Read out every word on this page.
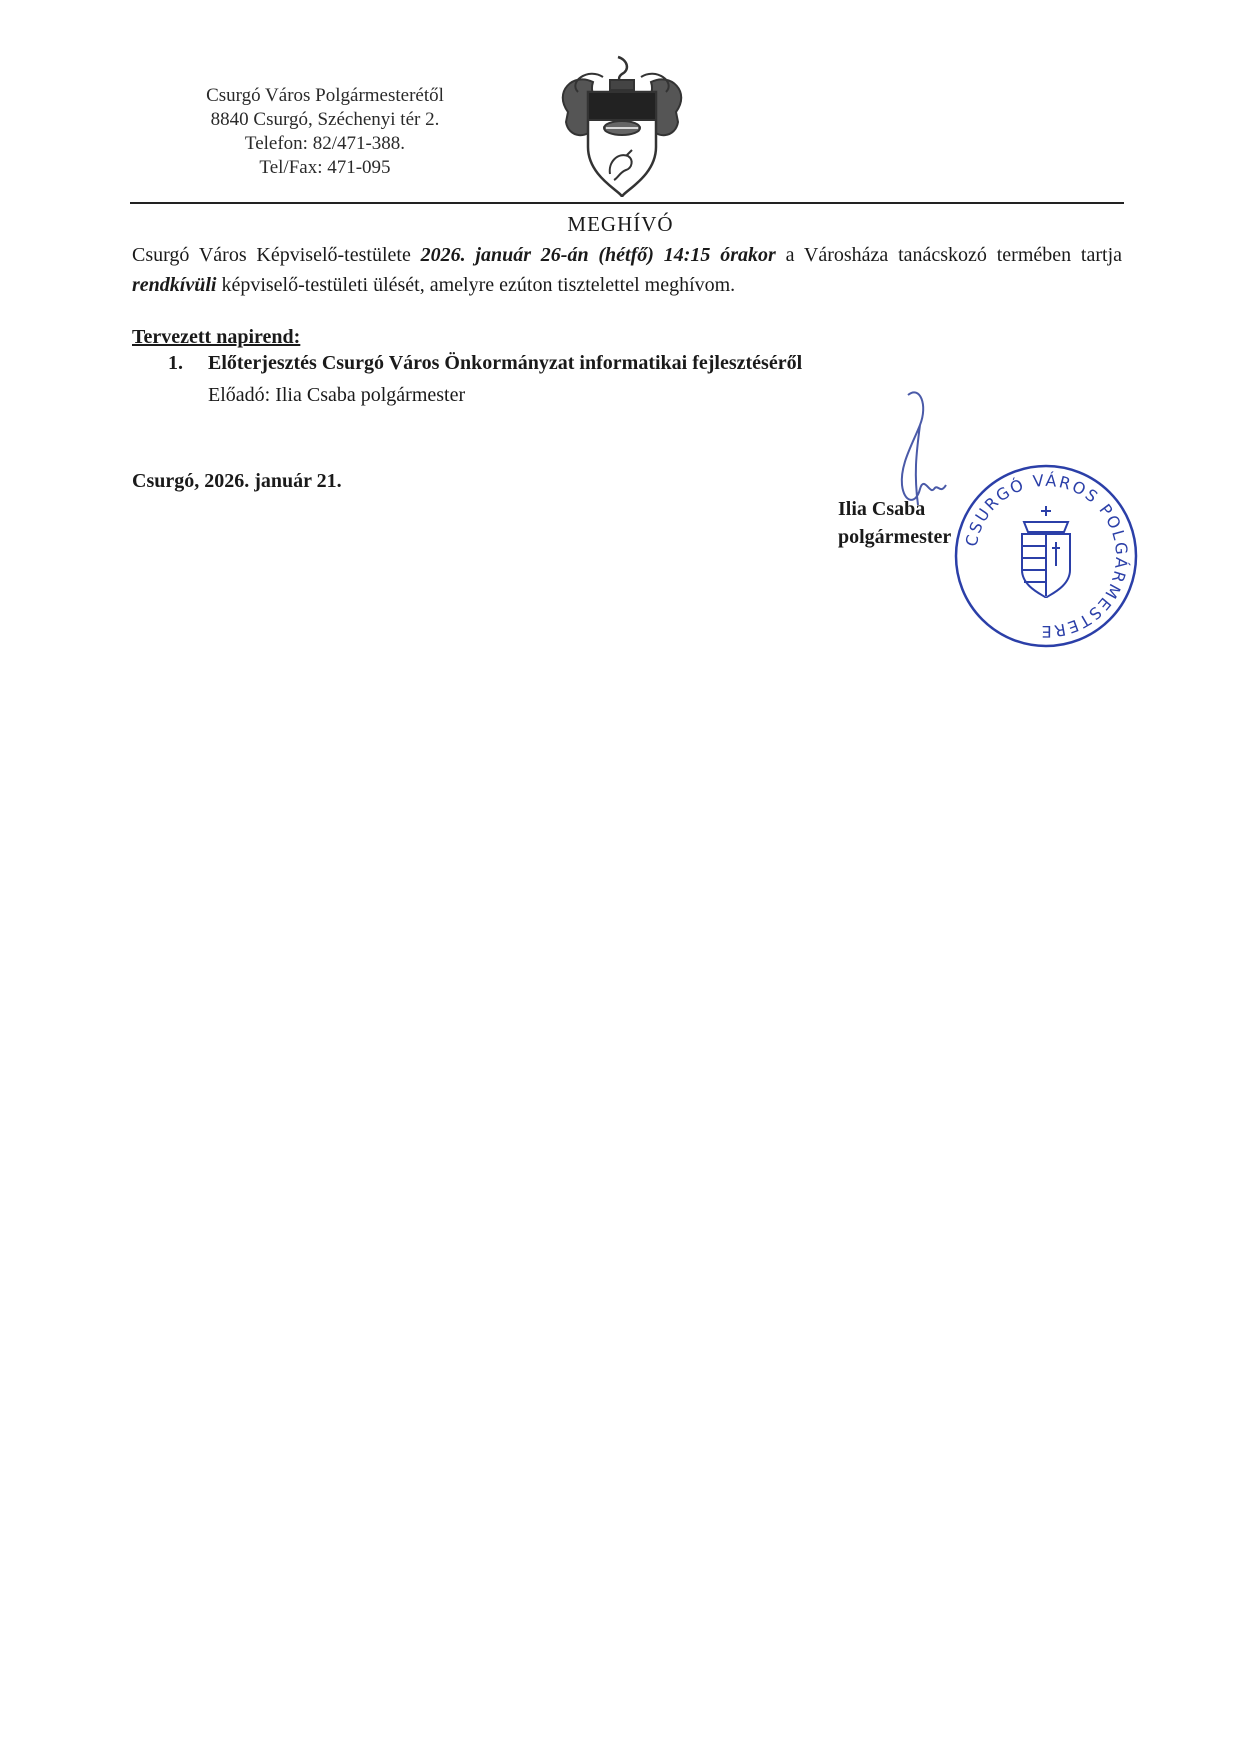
Csurgó Város Polgármesterétől
8840 Csurgó, Széchenyi tér 2.
Telefon: 82/471-388.
Tel/Fax: 471-095
MEGHÍVÓ
Csurgó Város Képviselő-testülete 2026. január 26-án (hétfő) 14:15 órakor a Városháza tanácskozó termében tartja rendkívüli képviselő-testületi ülését, amelyre ezúton tisztelettel meghívom.
Tervezett napirend:
1. Előterjesztés Csurgó Város Önkormányzat informatikai fejlesztéséről
Előadó: Ilia Csaba polgármester
Csurgó, 2026. január 21.
Ilia Csaba
polgármester CSURGÓ VÁROS POLGÁRMESTERE
